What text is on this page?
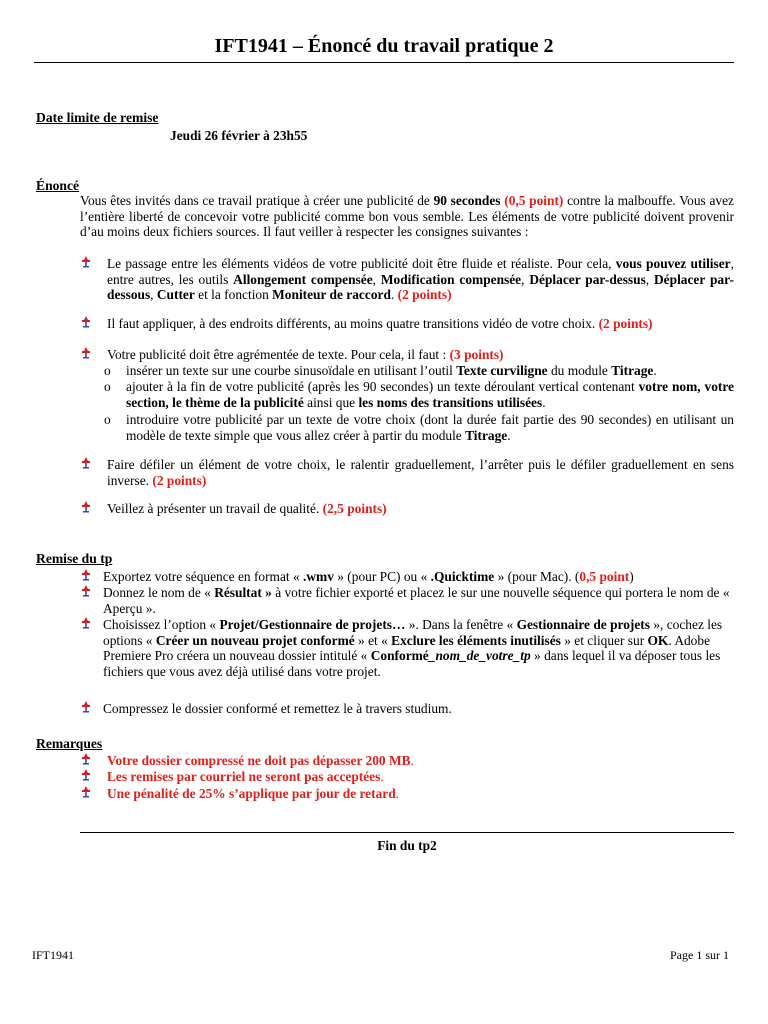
IFT1941 – Énoncé du travail pratique 2
Date limite de remise
Jeudi 26 février à 23h55
Énoncé
Vous êtes invités dans ce travail pratique à créer une publicité de 90 secondes (0,5 point) contre la malbouffe. Vous avez l’entière liberté de concevoir votre publicité comme bon vous semble. Les éléments de votre publicité doivent provenir d’au moins deux fichiers sources. Il faut veiller à respecter les consignes suivantes :
Le passage entre les éléments vidéos de votre publicité doit être fluide et réaliste. Pour cela, vous pouvez utiliser, entre autres, les outils Allongement compensée, Modification compensée, Déplacer par-dessus, Déplacer par-dessous, Cutter et la fonction Moniteur de raccord. (2 points)
Il faut appliquer, à des endroits différents, au moins quatre transitions vidéo de votre choix. (2 points)
Votre publicité doit être agrémentée de texte. Pour cela, il faut : (3 points)
o insérer un texte sur une courbe sinusoïdale en utilisant l’outil Texte curviligne du module Titrage.
o ajouter à la fin de votre publicité (après les 90 secondes) un texte déroulant vertical contenant votre nom, votre section, le thème de la publicité ainsi que les noms des transitions utilisées.
o introduire votre publicité par un texte de votre choix (dont la durée fait partie des 90 secondes) en utilisant un modèle de texte simple que vous allez créer à partir du module Titrage.
Faire défiler un élément de votre choix, le ralentir graduellement, l’arrêter puis le défiler graduellement en sens inverse. (2 points)
Veillez à présenter un travail de qualité. (2,5 points)
Remise du tp
Exportez votre séquence en format « .wmv » (pour PC) ou « .Quicktime » (pour Mac). (0,5 point)
Donnez le nom de « Résultat » à votre fichier exporté et placez le sur une nouvelle séquence qui portera le nom de « Aperçu ».
Choisissez l’option « Projet/Gestionnaire de projets… ». Dans la fenêtre « Gestionnaire de projets », cochez les options « Créer un nouveau projet conformé » et « Exclure les éléments inutilisés » et cliquer sur OK. Adobe Premiere Pro créera un nouveau dossier intitulé « Conformé_nom_de_votre_tp » dans lequel il va déposer tous les fichiers que vous avez déjà utilisé dans votre projet.
Compressez le dossier conformé et remettez le à travers studium.
Remarques
Votre dossier compressé ne doit pas dépasser 200 MB.
Les remises par courriel ne seront pas acceptées.
Une pénalité de 25% s’applique par jour de retard.
Fin du tp2
IFT1941	Page 1 sur 1
